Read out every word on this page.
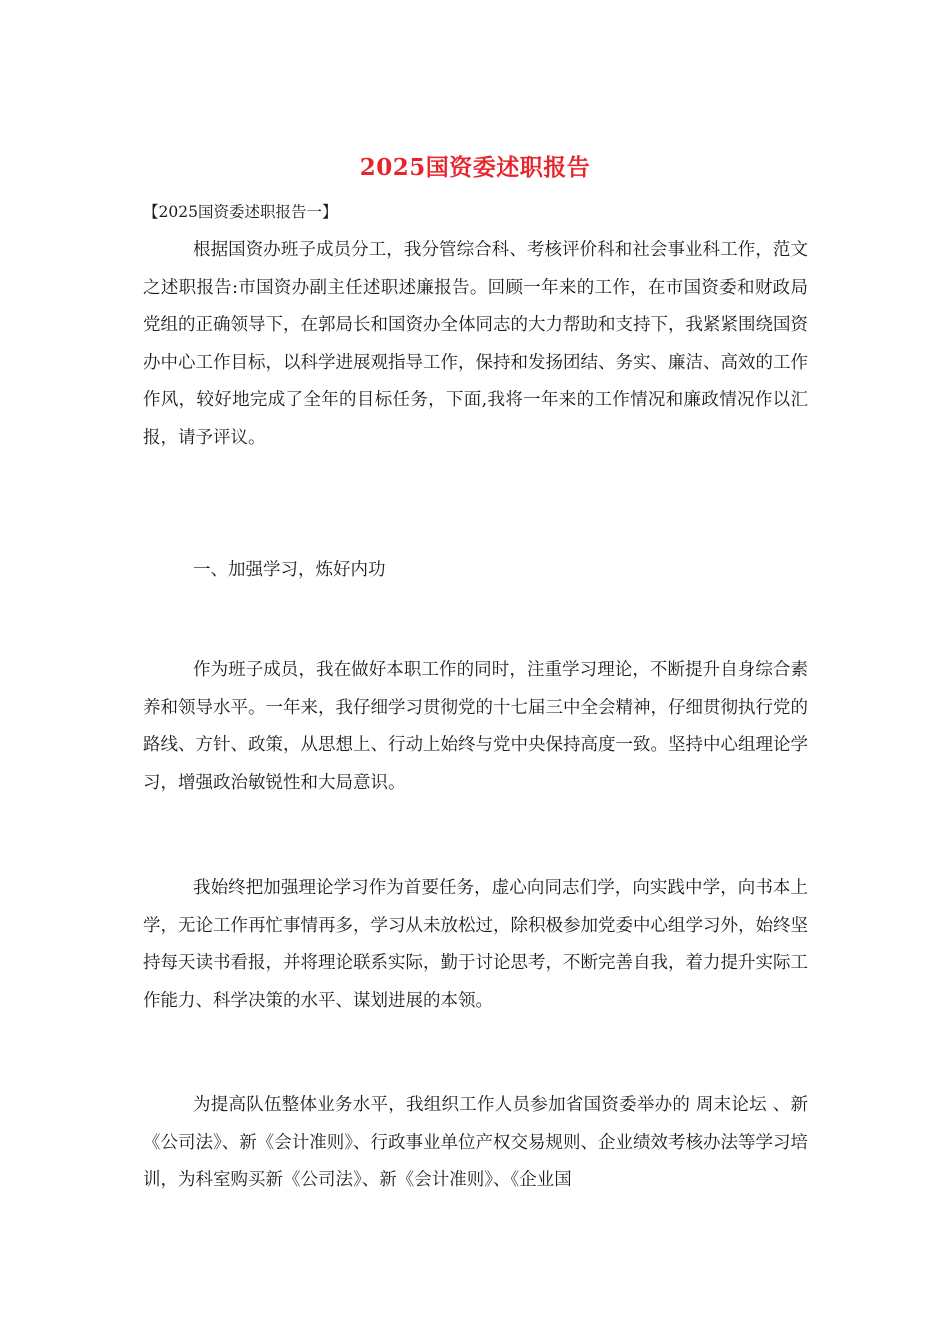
2025国资委述职报告
【2025国资委述职报告一】

根据国资办班子成员分工，我分管综合科、考核评价科和社会事业科工作，范文之述职报告:市国资办副主任述职述廉报告。回顾一年来的工作，在市国资委和财政局党组的正确领导下，在郭局长和国资办全体同志的大力帮助和支持下，我紧紧围绕国资办中心工作目标，以科学进展观指导工作，保持和发扬团结、务实、廉洁、高效的工作作风，较好地完成了全年的目标任务，下面,我将一年来的工作情况和廉政情况作以汇报，请予评议。

一、加强学习，炼好内功

作为班子成员，我在做好本职工作的同时，注重学习理论，不断提升自身综合素养和领导水平。一年来，我仔细学习贯彻党的十七届三中全会精神，仔细贯彻执行党的路线、方针、政策，从思想上、行动上始终与党中央保持高度一致。坚持中心组理论学习，增强政治敏锐性和大局意识。

我始终把加强理论学习作为首要任务，虚心向同志们学，向实践中学，向书本上学，无论工作再忙事情再多，学习从未放松过，除积极参加党委中心组学习外，始终坚持每天读书看报，并将理论联系实际，勤于讨论思考，不断完善自我，着力提升实际工作能力、科学决策的水平、谋划进展的本领。

为提高队伍整体业务水平，我组织工作人员参加省国资委举办的 周末论坛 、新《公司法》、新《会计准则》、行政事业单位产权交易规则、企业绩效考核办法等学习培训，为科室购买新《公司法》、新《会计准则》、《企业国
